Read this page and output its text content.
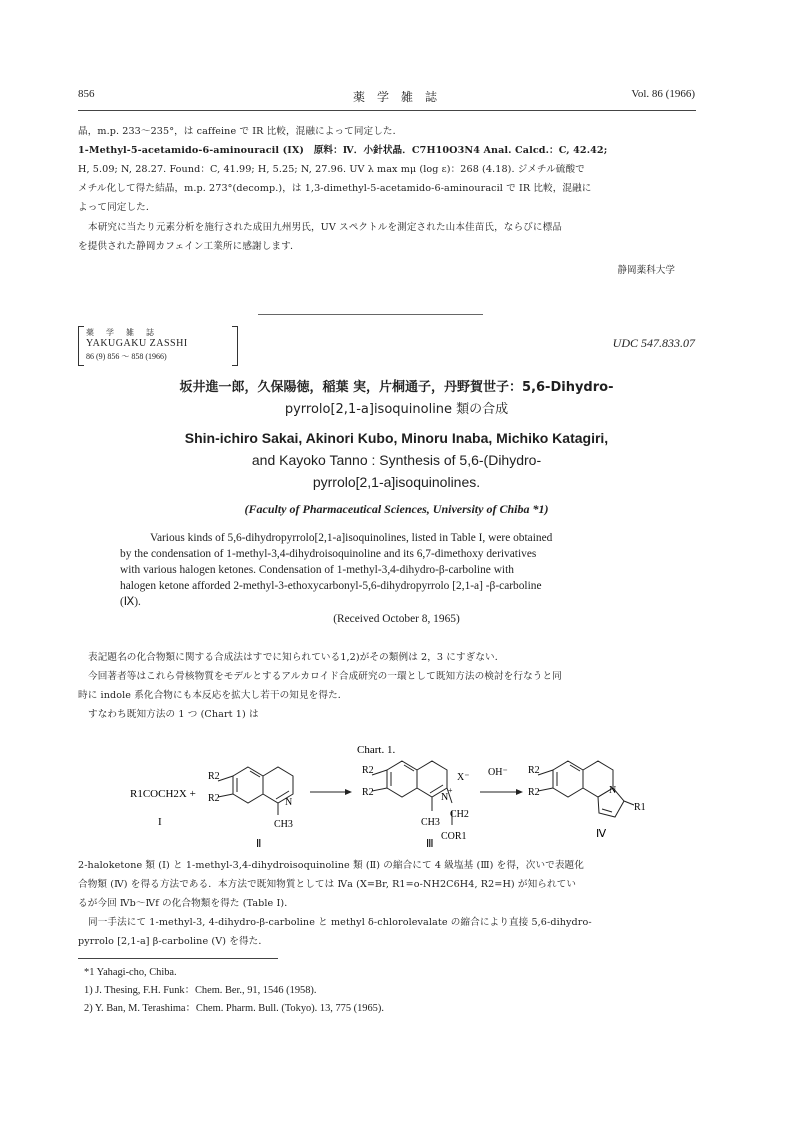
856	薬　学　雑　誌	Vol. 86 (1966)
晶，m.p. 233～235°，は caffeine で IR 比較，混融によって同定した．
1-Methyl-5-acetamido-6-aminouracil (IX)　原料：Ⅳ．小針状晶．C7H10O3N4 Anal. Calcd.：C, 42.42;
H, 5.09; N, 28.27. Found：C, 41.99; H, 5.25; N, 27.96. UV λ max mμ (log ε)：268 (4.18). ジメチル硫酸で
メチル化して得た結晶，m.p. 273°(decomp.)，は 1,3-dimethyl-5-acetamido-6-aminouracil で IR 比較，混融に
よって同定した．
本研究に当たり元素分析を施行された成田九州男氏，UV スペクトルを測定された山本佳苗氏，ならびに標品
を提供された静岡カフェイン工業所に感謝します．
静岡薬科大学
薬　学　雑　誌
YAKUGAKU ZASSHI
86 (9) 856 ～ 858 (1966)
UDC 547.833.07
坂井進一郎，久保陽徳，稲葉 実，片桐通子，丹野賀世子：5,6-Dihydro-
pyrrolo[2,1-a]isoquinoline 類の合成
Shin-ichiro Sakai, Akinori Kubo, Minoru Inaba, Michiko Katagiri,
and Kayoko Tanno : Synthesis of 5,6-(Dihydro-
pyrrolo[2,1-a]isoquinolines.
(Faculty of Pharmaceutical Sciences, University of Chiba *1)
Various kinds of 5,6-dihydropyrrolo[2,1-a]isoquinolines, listed in Table I, were obtained
by the condensation of 1-methyl-3,4-dihydroisoquinoline and its 6,7-dimethoxy derivatives
with various halogen ketones. Condensation of 1-methyl-3,4-dihydro-β-carboline with
halogen ketone afforded 2-methyl-3-ethoxycarbonyl-5,6-dihydropyrrolo [2,1-a] -β-carboline
(Ⅸ).
(Received October 8, 1965)
表記題名の化合物類に関する合成法はすでに知られている1,2)がその類例は 2，3 にすぎない．
今回著者等はこれら骨核物質をモデルとするアルカロイド合成研究の一環として既知方法の検討を行なうと同
時に indole 系化合物にも本反応を拡大し若干の知見を得た．
すなわち既知方法の 1 つ (Chart 1) は
Chart. 1.
R1COCH2X +
I
R2
R2	N
CH3
Ⅱ
R2
R2	N
+
CH3
CH2
COR1
X⁻
Ⅲ
OH⁻ R2
R2	N
R1
Ⅳ
2-haloketone 類 (I) と 1-methyl-3,4-dihydroisoquinoline 類 (Ⅱ) の縮合にて 4 級塩基 (Ⅲ) を得，次いで表題化
合物類 (Ⅳ) を得る方法である．本方法で既知物質としては Ⅳa (X=Br, R1=o-NH2C6H4, R2=H) が知られてい
るが今回 Ⅳb～Ⅳf の化合物類を得た (Table I)．
同一手法にて 1-methyl-3, 4-dihydro-β-carboline と methyl δ-chlorolevalate の縮合により直接 5,6-dihydro-
pyrrolo [2,1-a] β-carboline (Ⅴ) を得た．
*1 Yahagi-cho, Chiba.
1) J. Thesing, F.H. Funk：Chem. Ber., 91, 1546 (1958).
2) Y. Ban, M. Terashima：Chem. Pharm. Bull. (Tokyo). 13, 775 (1965).
